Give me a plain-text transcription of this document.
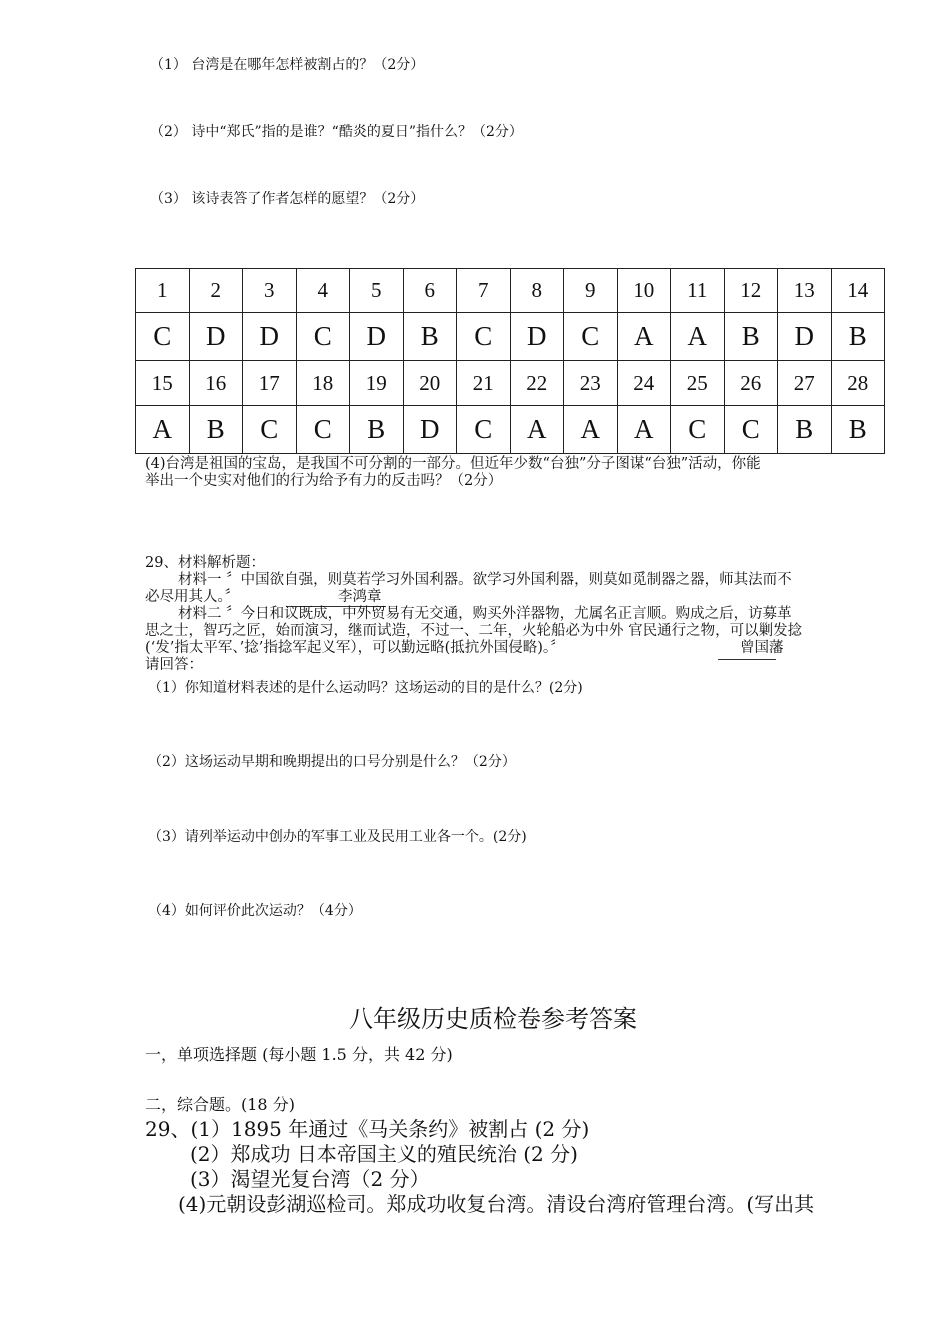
（1） 台湾是在哪年怎样被割占的？（2分）
（2） 诗中“郑氏”指的是谁？“酷炎的夏日”指什么？（2分）
（3） 该诗表答了作者怎样的愿望？（2分）
1	2	3	4	5	6	7	8	9	10	11	12	13	14
C	D	D	C	D	B	C	D	C	A	A	B	D	B
15	16	17	18	19	20	21	22	23	24	25	26	27	28
A	B	C	C	B	D	C	A	A	A	C	C	B	B
(4)台湾是祖国的宝岛，是我国不可分割的一部分。但近年少数“台独”分子图谋“台独”活动，你能
举出一个史实对他们的行为给予有力的反击吗？（2分）
29、材料解析题：
材料一 〞中国欲自强，则莫若学习外国利器。欲学习外国利器，则莫如觅制器之器，师其法而不
必尽用其人。〞	李鸿章
材料二 〞今日和议既成，中外贸易有无交通，购买外洋器物，尤属名正言顺。购成之后，访募革
思之士，智巧之匠，始而演习，继而试造，不过一、二年，火轮船必为中外 官民通行之物，可以剿发捻
(‘发’指太平军、’捻’指捻军起义军），可以勤远略(抵抗外国侵略)。〞	曾国藩
请回答：
（1）你知道材料表述的是什么运动吗？这场运动的目的是什么？(2分)
（2）这场运动早期和晚期提出的口号分别是什么？（2分）
（3）请列举运动中创办的军事工业及民用工业各一个。(2分)
（4）如何评价此次运动？（4分）
八年级历史质检卷参考答案
一，单项选择题 (每小题 1.5 分，共 42 分)
二，综合题。(18 分)
29、(1）1895 年通过《马关条约》被割占 (2 分)
(2）郑成功 日本帝国主义的殖民统治 (2 分)
(3）渴望光复台湾（2 分）
(4)元朝设彭湖巡检司。郑成功收复台湾。清设台湾府管理台湾。(写出其
